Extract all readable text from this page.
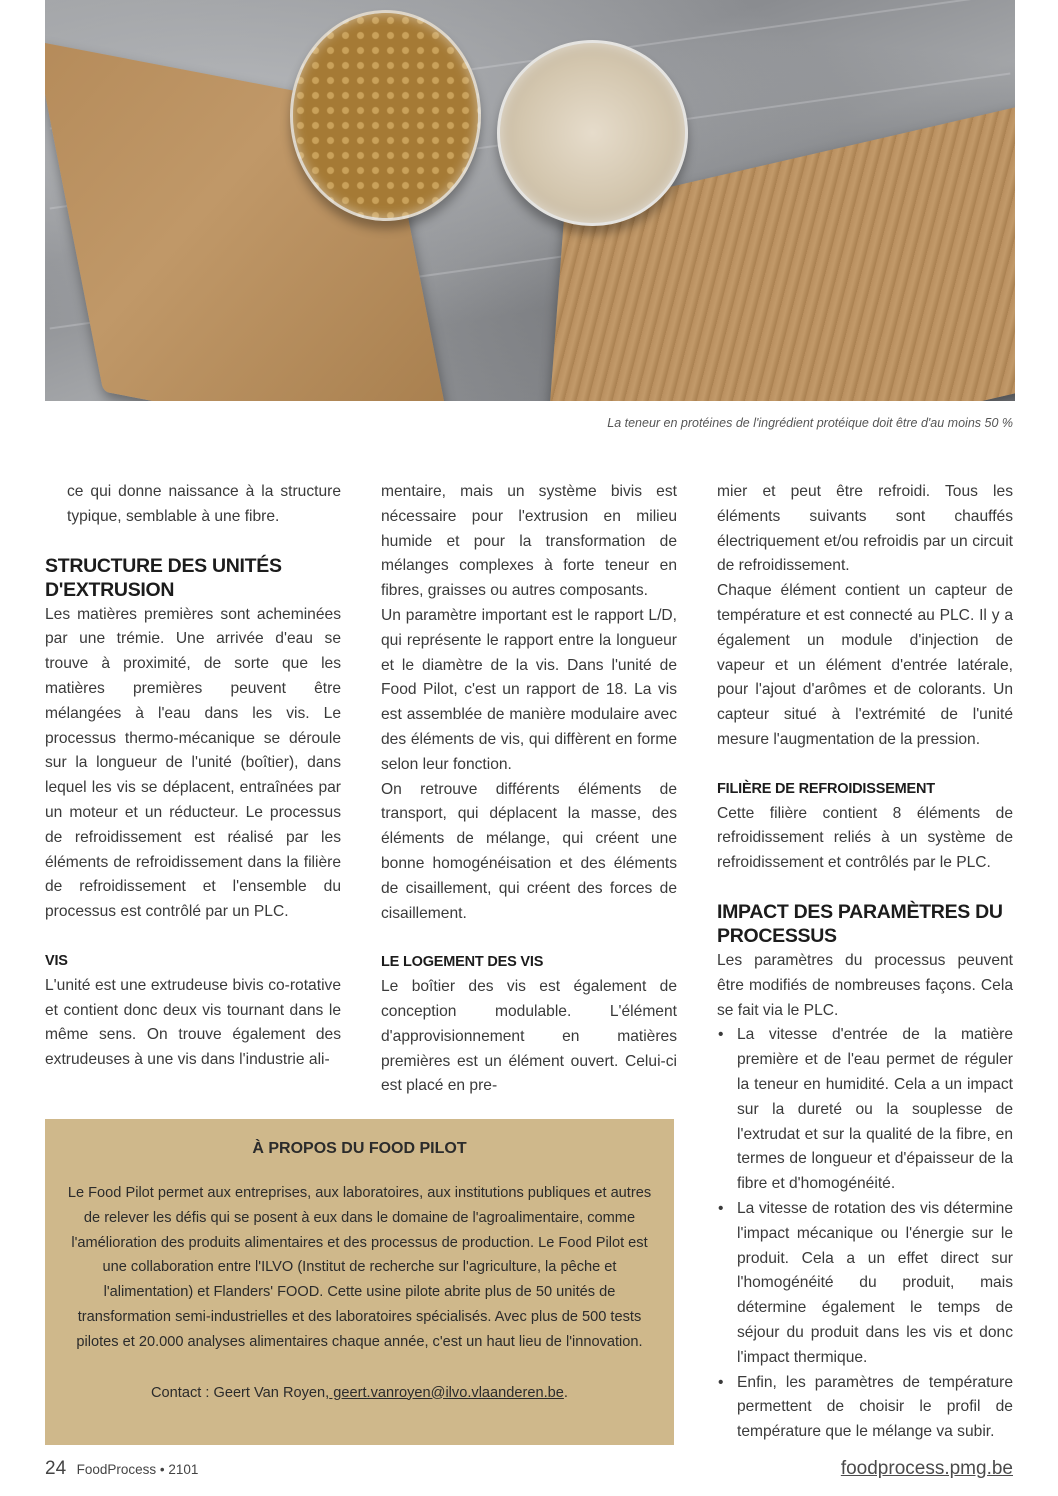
La teneur en protéines de l'ingrédient protéique doit être d'au moins 50 %

ce qui donne naissance à la structure typique, semblable à une fibre.

STRUCTURE DES UNITÉS D'EXTRUSION

Les matières premières sont acheminées par une trémie. Une arrivée d'eau se trouve à proximité, de sorte que les matières premières peuvent être mélangées à l'eau dans les vis. Le processus thermo-mécanique se déroule sur la longueur de l'unité (boîtier), dans lequel les vis se déplacent, entraînées par un moteur et un réducteur. Le processus de refroidissement est réalisé par les éléments de refroidissement dans la filière de refroidissement et l'ensemble du processus est contrôlé par un PLC.

VIS

L'unité est une extrudeuse bivis co-rotative et contient donc deux vis tournant dans le même sens. On trouve également des extrudeuses à une vis dans l'industrie ali-

mentaire, mais un système bivis est nécessaire pour l'extrusion en milieu humide et pour la transformation de mélanges complexes à forte teneur en fibres, graisses ou autres composants.

Un paramètre important est le rapport L/D, qui représente le rapport entre la longueur et le diamètre de la vis. Dans l'unité de Food Pilot, c'est un rapport de 18. La vis est assemblée de manière modulaire avec des éléments de vis, qui diffèrent en forme selon leur fonction.

On retrouve différents éléments de transport, qui déplacent la masse, des éléments de mélange, qui créent une bonne homogénéisation et des éléments de cisaillement, qui créent des forces de cisaillement.

LE LOGEMENT DES VIS

Le boîtier des vis est également de conception modulable. L'élément d'approvisionnement en matières premières est un élément ouvert. Celui-ci est placé en pre-

mier et peut être refroidi. Tous les éléments suivants sont chauffés électriquement et/ou refroidis par un circuit de refroidissement.

Chaque élément contient un capteur de température et est connecté au PLC. Il y a également un module d'injection de vapeur et un élément d'entrée latérale, pour l'ajout d'arômes et de colorants. Un capteur situé à l'extrémité de l'unité mesure l'augmentation de la pression.

FILIÈRE DE REFROIDISSEMENT

Cette filière contient 8 éléments de refroidissement reliés à un système de refroidissement et contrôlés par le PLC.

IMPACT DES PARAMÈTRES DU PROCESSUS

Les paramètres du processus peuvent être modifiés de nombreuses façons. Cela se fait via le PLC.

• La vitesse d'entrée de la matière première et de l'eau permet de réguler la teneur en humidité. Cela a un impact sur la dureté ou la souplesse de l'extrudat et sur la qualité de la fibre, en termes de longueur et d'épaisseur de la fibre et d'homogénéité.
• La vitesse de rotation des vis détermine l'impact mécanique ou l'énergie sur le produit. Cela a un effet direct sur l'homogénéité du produit, mais détermine également le temps de séjour du produit dans les vis et donc l'impact thermique.
• Enfin, les paramètres de température permettent de choisir le profil de température que le mélange va subir.
À PROPOS DU FOOD PILOT
Le Food Pilot permet aux entreprises, aux laboratoires, aux institutions publiques et autres de relever les défis qui se posent à eux dans le domaine de l'agroalimentaire, comme l'amélioration des produits alimentaires et des processus de production. Le Food Pilot est une collaboration entre l'ILVO (Institut de recherche sur l'agriculture, la pêche et l'alimentation) et Flanders' FOOD. Cette usine pilote abrite plus de 50 unités de transformation semi-industrielles et des laboratoires spécialisés. Avec plus de 500 tests pilotes et 20.000 analyses alimentaires chaque année, c'est un haut lieu de l'innovation.
Contact : Geert Van Royen, geert.vanroyen@ilvo.vlaanderen.be.
24 FoodProcess • 2101	foodprocess.pmg.be
